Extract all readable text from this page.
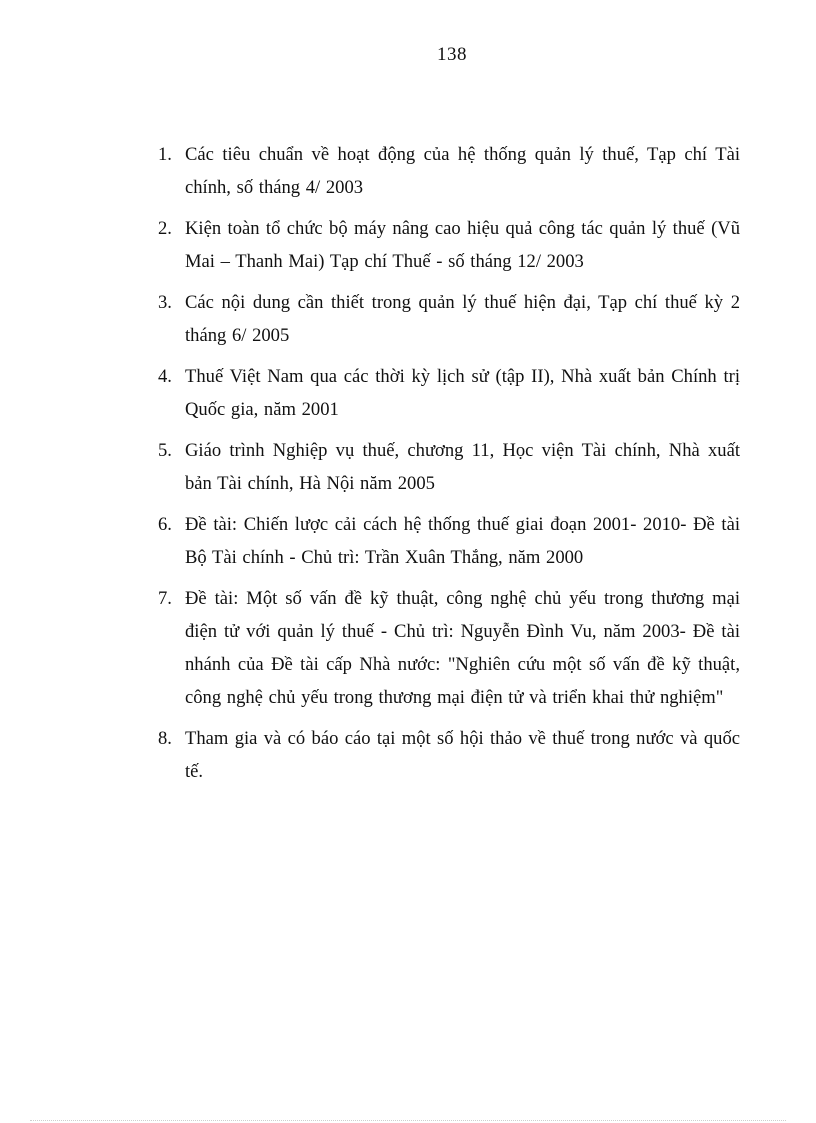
138
1. Các tiêu chuẩn về hoạt động của hệ thống quản lý thuế, Tạp chí Tài chính, số tháng 4/ 2003
2. Kiện toàn tổ chức bộ máy nâng cao hiệu quả công tác quản lý thuế (Vũ Mai – Thanh Mai) Tạp chí Thuế - số tháng 12/ 2003
3. Các nội dung cần thiết trong quản lý thuế hiện đại, Tạp chí thuế kỳ 2 tháng 6/ 2005
4. Thuế Việt Nam qua các thời kỳ lịch sử (tập II), Nhà xuất bản Chính trị Quốc gia, năm 2001
5. Giáo trình Nghiệp vụ thuế, chương 11, Học viện Tài chính, Nhà xuất bản Tài chính, Hà Nội năm 2005
6. Đề tài: Chiến lược cải cách hệ thống thuế giai đoạn 2001- 2010- Đề tài Bộ Tài chính - Chủ trì: Trần Xuân Thắng, năm 2000
7. Đề tài: Một số vấn đề kỹ thuật, công nghệ chủ yếu trong thương mại điện tử với quản lý thuế - Chủ trì: Nguyễn Đình Vu, năm 2003- Đề tài nhánh của Đề tài cấp Nhà nước: "Nghiên cứu một số vấn đề kỹ thuật, công nghệ chủ yếu trong thương mại điện tử và triển khai thử nghiệm"
8. Tham gia và có báo cáo tại một số hội thảo về thuế trong nước và quốc tế.
